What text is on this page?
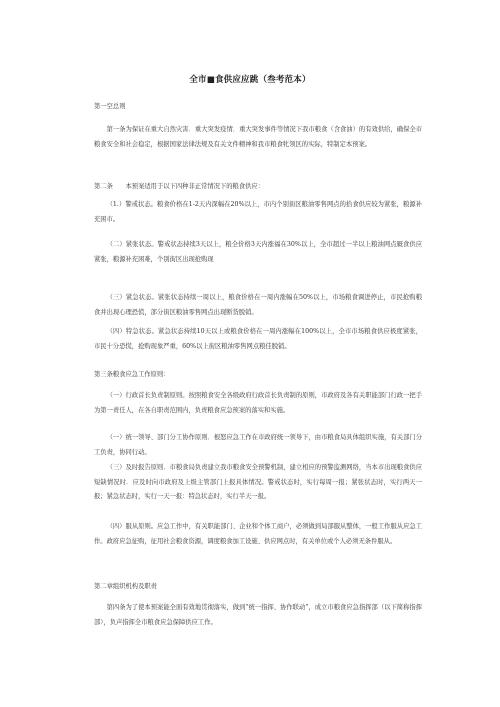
全市■食供应应跳（叁考范本）
第一空总则
第一条为保证在重大自然灾害．重大突发疫情．重大突发事件等情况下我市粮食（含食油）的有效供给，确保全市粮食安全和社会稳定，根据国家法律法规及有关文件精神和我市粮食牝领区的实际，特制定本预案。
第二条　　本预案适用于以下四种非正常情况下的粮食供应：
（1.）警戒状态。粮食价格在1-2天内深幅在20%以上，市内个别街区粮油零售网点的拾食供应较为紧张，粮源补充困市。
（二）紧张状态。警戒状态持续3天以上，粮全价格3天内涨福在30%以上，全市超过一半以上粮油网点厩食供应紧张，粮源补充困难，个别街区出现抢购现
（三）紧急状态。紧张状态持续一周以上，粮食价格在一周内涨幅在50%以上，市场粮食调进停止，市民抢购粮食并出现心理恐慌，部分街区粮油零售网点出现断货脱销。
（四）特急状态。紧急状态持续10天以上或粮食价格在一周内涨幅在100%以上，全市市场粮食供应极度紧张，市民十分恐慌，抢购现象严重，60%以上街区粮油零售网点粮佳脱销。
第三条粮食应急工作原则：
（一）行政首长负责制原则。按照粮食安全各级政府行政首长负责制的原则，市政府及各有关职能部门行政一把手为第一责任人，在各自职责范围内，负责粮食应急预案的落实和实施。
（一）统一领导、部门分工协作原则．根怒应急工作在市政府统一领导下，由市粮食局具体组织实施，有关部门分工负责，协同行动。
（三）及时报告原则．市粮食局负责建立我市粮食安全预警机制，建立相应的预警监测网络，当本市出现粮食供应短缺情况时．应及时向市政府及上级主管部门上报具体情况。警戒状态时，实行每周一报；紧张状态时，实行两天一报；紧急状态时，实行一天一报：特急状态时，实行半天一报。
（四）服从原则。应急工作中，有关职能部门、企业和个体工商户，必须做到局部服从整体，一般工作服从应急工作。政府应急征购，征用社会粮食资源，调度粮食加工设施、供应网点时，有关单位或个人必须无条件服从。
第二章组织机构及职责
第四条为了使本预案能全面有效地贯彻落实，做到“统一指挥、协作联动”，成立市粮食应急指挥部（以下简称指挥部），负声指挥全市粮食应急保障供应工作。
